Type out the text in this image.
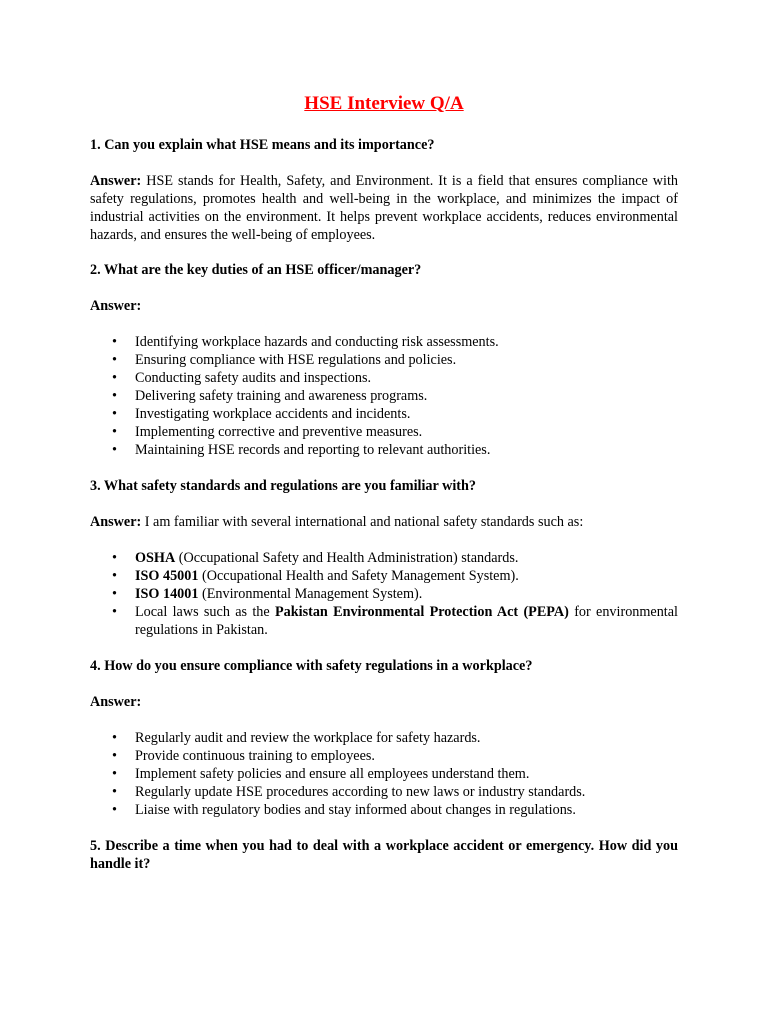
HSE Interview Q/A

1. Can you explain what HSE means and its importance?

Answer: HSE stands for Health, Safety, and Environment. It is a field that ensures compliance with safety regulations, promotes health and well-being in the workplace, and minimizes the impact of industrial activities on the environment. It helps prevent workplace accidents, reduces environmental hazards, and ensures the well-being of employees.

2. What are the key duties of an HSE officer/manager?

Answer:

• Identifying workplace hazards and conducting risk assessments.
• Ensuring compliance with HSE regulations and policies.
• Conducting safety audits and inspections.
• Delivering safety training and awareness programs.
• Investigating workplace accidents and incidents.
• Implementing corrective and preventive measures.
• Maintaining HSE records and reporting to relevant authorities.

3. What safety standards and regulations are you familiar with?

Answer: I am familiar with several international and national safety standards such as:

• OSHA (Occupational Safety and Health Administration) standards.
• ISO 45001 (Occupational Health and Safety Management System).
• ISO 14001 (Environmental Management System).
• Local laws such as the Pakistan Environmental Protection Act (PEPA) for environmental regulations in Pakistan.

4. How do you ensure compliance with safety regulations in a workplace?

Answer:

• Regularly audit and review the workplace for safety hazards.
• Provide continuous training to employees.
• Implement safety policies and ensure all employees understand them.
• Regularly update HSE procedures according to new laws or industry standards.
• Liaise with regulatory bodies and stay informed about changes in regulations.

5. Describe a time when you had to deal with a workplace accident or emergency. How did you handle it?
